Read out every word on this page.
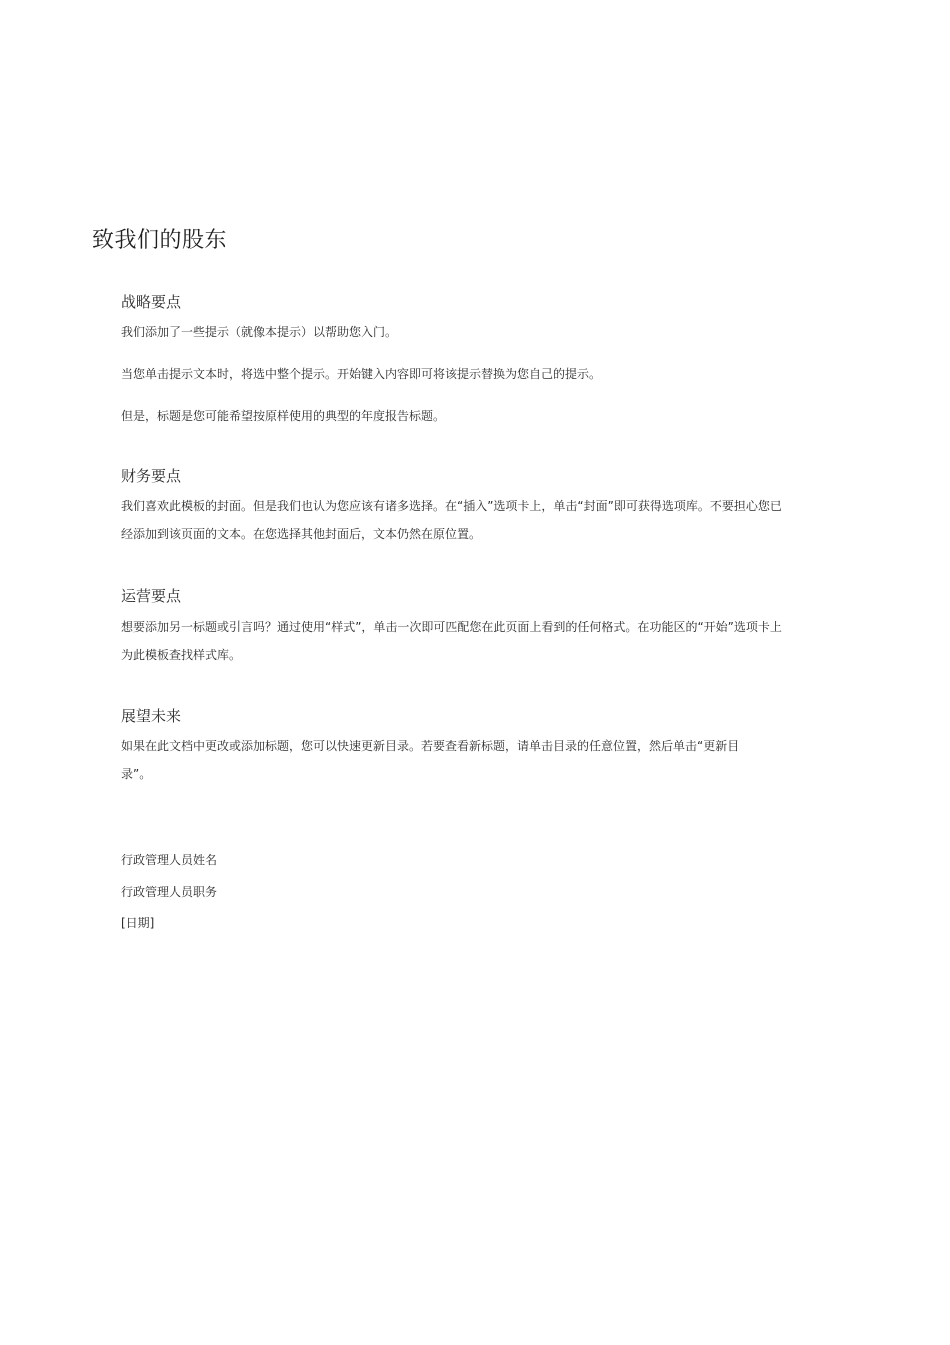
致我们的股东
战略要点

我们添加了一些提示（就像本提示）以帮助您入门。

当您单击提示文本时，将选中整个提示。开始键入内容即可将该提示替换为您自己的提示。

但是，标题是您可能希望按原样使用的典型的年度报告标题。

财务要点

我们喜欢此模板的封面。但是我们也认为您应该有诸多选择。在“插入”选项卡上，单击“封面”即可获得选项库。不要担心您已经添加到该页面的文本。在您选择其他封面后，文本仍然在原位置。

运营要点

想要添加另一标题或引言吗？通过使用“样式”，单击一次即可匹配您在此页面上看到的任何格式。在功能区的“开始”选项卡上为此模板查找样式库。

展望未来

如果在此文档中更改或添加标题，您可以快速更新目录。若要查看新标题，请单击目录的任意位置，然后单击“更新目录”。

行政管理人员姓名

行政管理人员职务

[日期]
